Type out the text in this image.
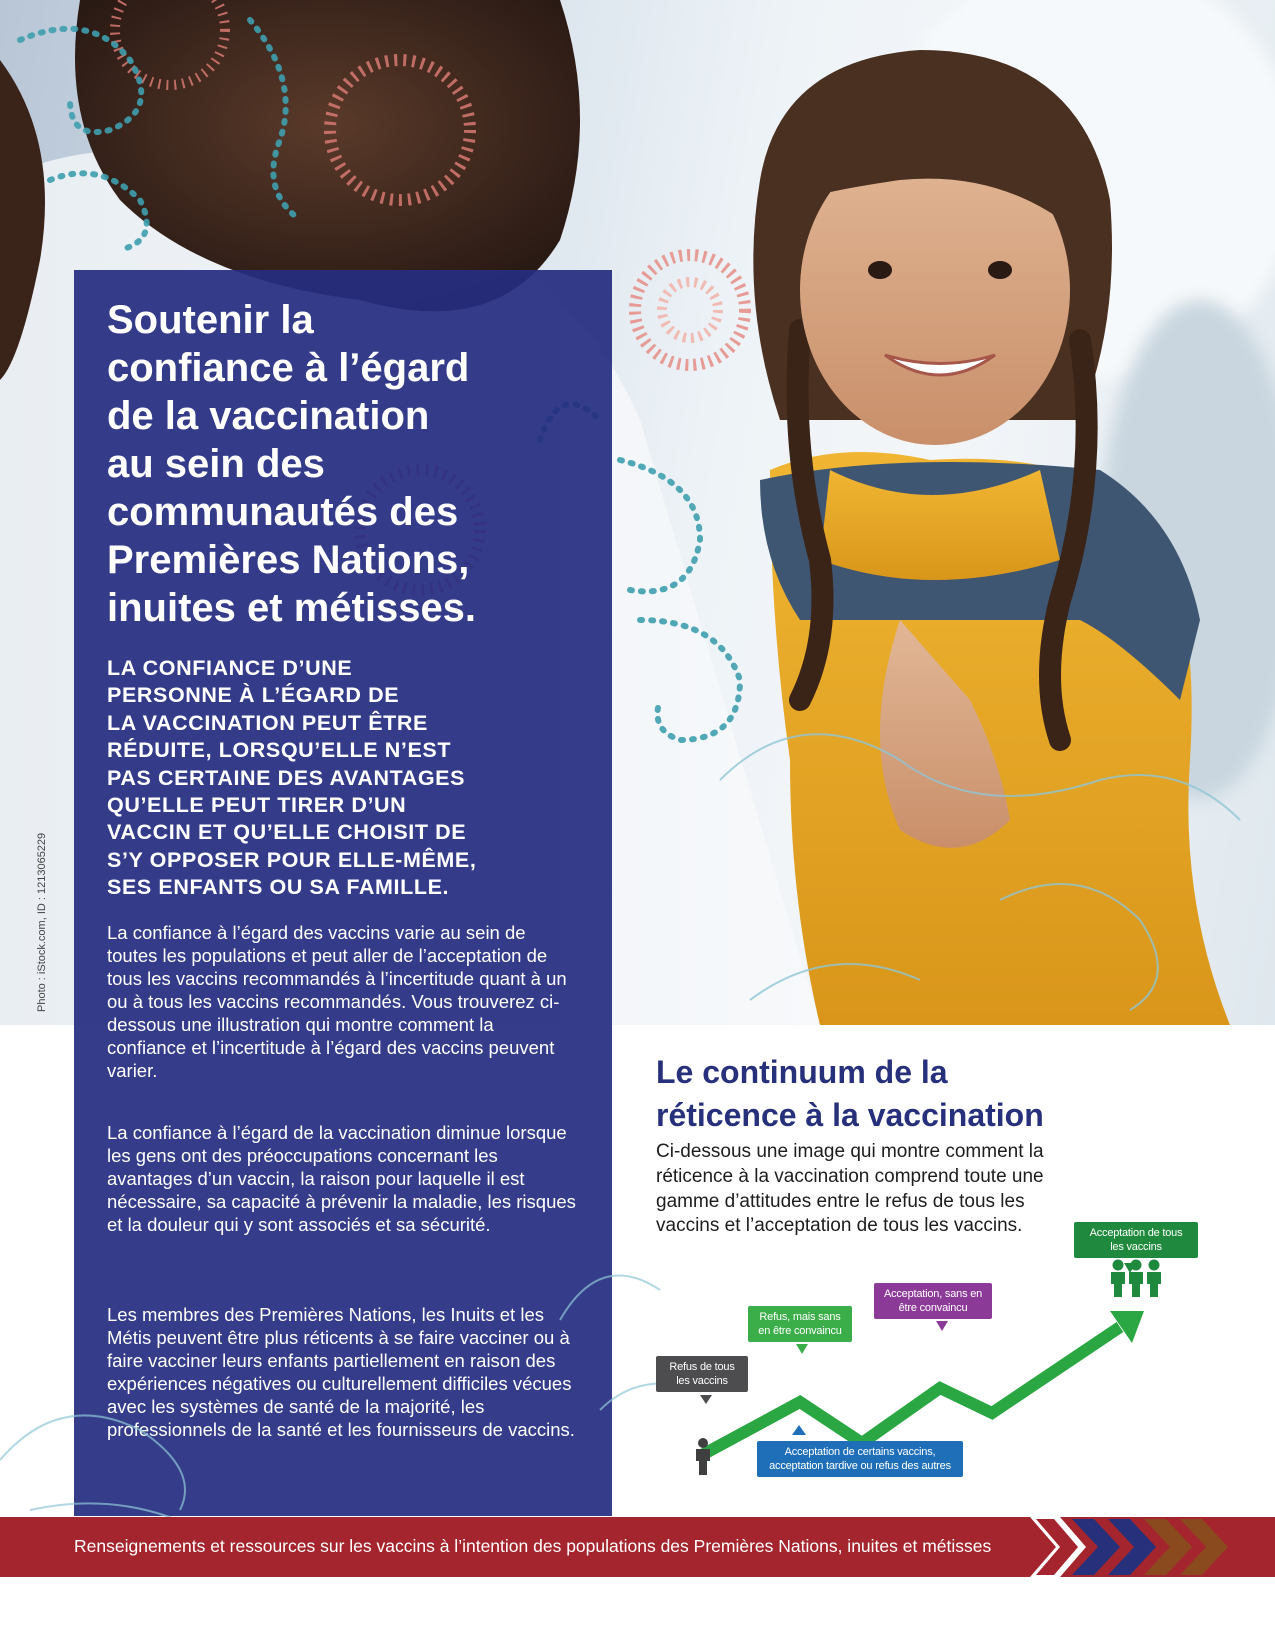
Photo : iStock.com, ID : 1213065229
Soutenir la
confiance à l’égard
de la vaccination
au sein des
communautés des
Premières Nations,
inuites et métisses.
LA CONFIANCE D’UNE
PERSONNE À L’ÉGARD DE
LA VACCINATION PEUT ÊTRE
RÉDUITE, LORSQU’ELLE N’EST
PAS CERTAINE DES AVANTAGES
QU’ELLE PEUT TIRER D’UN
VACCIN ET QU’ELLE CHOISIT DE
S’Y OPPOSER POUR ELLE-MÊME,
SES ENFANTS OU SA FAMILLE.

La confiance à l’égard des vaccins varie au sein de toutes les populations et peut aller de l’acceptation de tous les vaccins recommandés à l’incertitude quant à un ou à tous les vaccins recommandés. Vous trouverez ci-dessous une illustration qui montre comment la confiance et l’incertitude à l’égard des vaccins peuvent varier.

La confiance à l’égard de la vaccination diminue lorsque les gens ont des préoccupations concernant les avantages d’un vaccin, la raison pour laquelle il est nécessaire, sa capacité à prévenir la maladie, les risques et la douleur qui y sont associés et sa sécurité.

Les membres des Premières Nations, les Inuits et les Métis peuvent être plus réticents à se faire vacciner ou à faire vacciner leurs enfants partiellement en raison des expériences négatives ou culturellement difficiles vécues avec les systèmes de santé de la majorité, les professionnels de la santé et les fournisseurs de vaccins.

Le continuum de la
réticence à la vaccination

Ci-dessous une image qui montre comment la réticence à la vaccination comprend toute une gamme d’attitudes entre le refus de tous les vaccins et l’acceptation de tous les vaccins.

Refus de tous
les vaccins
Refus, mais sans
en être convaincu
Acceptation de certains vaccins,
acceptation tardive ou refus des autres
Acceptation, sans en
être convaincu
Acceptation de tous
les vaccins
Renseignements et ressources sur les vaccins à l’intention des populations des Premières Nations, inuites et métisses
